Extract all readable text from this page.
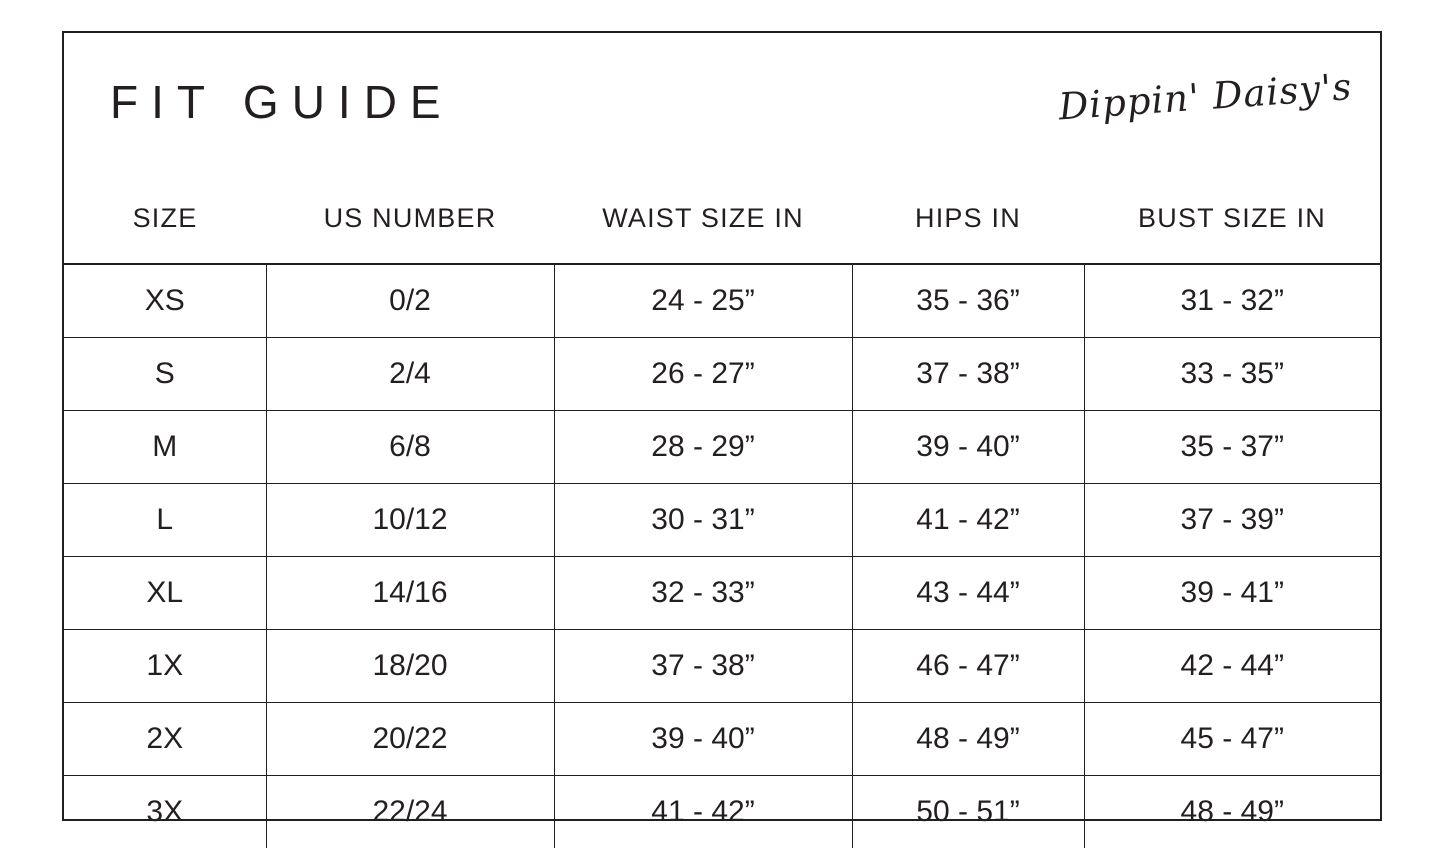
FIT GUIDE	Dippin' Daisy's
SIZE	US NUMBER	WAIST SIZE IN	HIPS IN	BUST SIZE IN
XS	0/2	24 - 25”	35 - 36”	31 - 32”
S	2/4	26 - 27”	37 - 38”	33 - 35”
M	6/8	28 - 29”	39 - 40”	35 - 37”
L	10/12	30 - 31”	41 - 42”	37 - 39”
XL	14/16	32 - 33”	43 - 44”	39 - 41”
1X	18/20	37 - 38”	46 - 47”	42 - 44”
2X	20/22	39 - 40”	48 - 49”	45 - 47”
3X	22/24	41 - 42”	50 - 51”	48 - 49”
